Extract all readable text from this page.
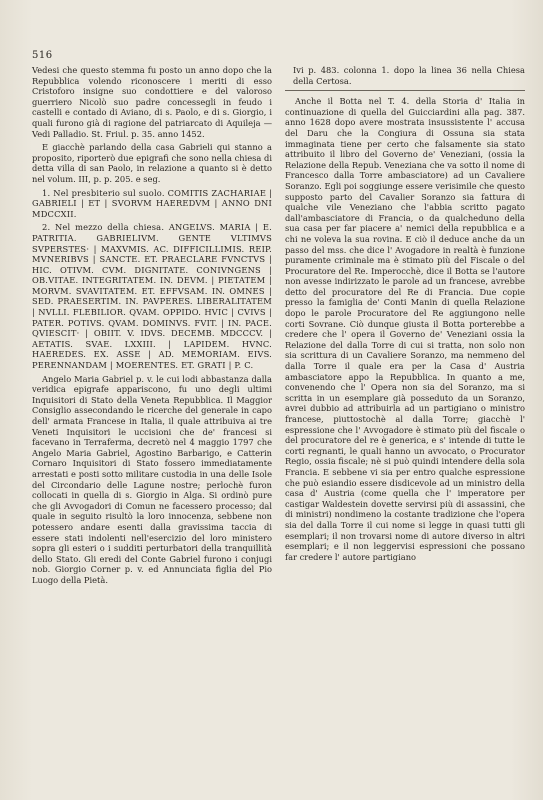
516

Vedesi che questo stemma fu posto un anno dopo che la Repubblica volendo riconoscere i meriti di esso Cristoforo insigne suo condottiere e del valoroso guerriero Nicolò suo padre concessegli in feudo i castelli e contado di Aviano, di s. Paolo, e di s. Giorgio, i quali furono già di ragione del patriarcato di Aquileja — Vedi Palladio. St. Friul. p. 35. anno 1452.

E giacchè parlando della casa Gabrieli qui stanno a proposito, riporterò due epigrafi che sono nella chiesa di detta villa di san Paolo, in relazione a quanto si è detto nel volum. III, p. p. 205. e seg.

1. Nel presbiterio sul suolo. COMITIS ZACHARIAE | GABRIELI | ET | SVORVM HAEREDVM | ANNO DNI MDCCXII.

2. Nel mezzo della chiesa. ANGELVS. MARIA | E. PATRITIA. GABRIELIVM. GENTE VLTIMVS SVPERSTES· | MAXVMIS. AC. DIFFICILLIMIS. REIP. MVNERIBVS | SANCTE. ET. PRAECLARE FVNCTVS | HIC. OTIVM. CVM. DIGNITATE. CONIVNGENS | OB.VITAE. INTEGRITATEM. IN. DEVM. | PIETATEM | MORVM. SVAVITATEM. ET. EFFVSAM. IN. OMNES | SED. PRAESERTIM. IN. PAVPERES. LIBERALITATEM | NVLLI. FLEBILIOR. QVAM. OPPIDO. HVIC | CVIVS | PATER. POTIVS. QVAM. DOMINVS. FVIT. | IN. PACE. QVIESCIT· | OBIIT. V. IDVS. DECEMB. MDCCCV. | AETATIS. SVAE. LXXIII. | LAPIDEM. HVNC. HAEREDES. EX. ASSE | AD. MEMORIAM. EIVS. PERENNANDAM | MOERENTES. ET. GRATI | P. C.

Angelo Maria Gabriel p. v. le cui lodi abbastanza dalla veridica epigrafe appariscono, fu uno degli ultimi Inquisitori di Stato della Veneta Repubblica. Il Maggior Consiglio assecondando le ricerche del generale in capo dell' armata Francese in Italia, il quale attribuiva ai tre Veneti Inquisitori le uccisioni che de' francesi si facevano in Terraferma, decretò nel 4 maggio 1797 che Angelo Maria Gabriel, Agostino Barbarigo, e Catterin Cornaro Inquisitori di Stato fossero immediatamente arrestati e posti sotto militare custodia in una delle Isole del Circondario delle Lagune nostre; perlochè furon collocati in quella di s. Giorgio in Alga. Si ordinò pure che gli Avvogadori di Comun ne facessero processo; dal quale in seguito risultò la loro innocenza, sebbene non potessero andare esenti dalla gravissima taccia di essere stati indolenti nell'esercizio del loro ministero sopra gli esteri o i sudditi perturbatori della tranquillità dello Stato. Gli eredi del Conte Gabriel furono i conjugi nob. Giorgio Corner p. v. ed Annunciata figlia del Pio Luogo della Pietà.

Ivi p. 483. colonna 1. dopo la linea 36 nella Chiesa della Certosa.

Anche il Botta nel T. 4. della Storia d' Italia in continuazione di quella del Guicciardini alla pag. 387. anno 1628 dopo avere mostrata insussistente l' accusa del Daru che la Congiura di Ossuna sia stata immaginata tiene per certo che falsamente sia stato attribuito il libro del Governo de' Veneziani, (ossia la Relazione della Repub. Veneziana che va sotto il nome di Francesco dalla Torre ambasciatore) ad un Cavaliere Soranzo. Egli poi soggiunge essere verisimile che questo supposto parto del Cavalier Soranzo sia fattura di qualche vile Veneziano che l'abbia scritto pagato dall'ambasciatore di Francia, o da qualcheduno della sua casa per far piacere a' nemici della repubblica e a chi ne voleva la sua rovina. E ciò il deduce anche da un passo del mss. che dice l' Avogadore in realtà è funzione puramente criminale ma è stimato più del Fiscale o del Procuratore del Re. Imperocchè, dice il Botta se l'autore non avesse indirizzato le parole ad un francese, avrebbe detto del procuratore del Re di Francia. Due copie presso la famiglia de' Conti Manin di quella Relazione dopo le parole Procuratore del Re aggiungono nelle corti Sovrane. Ciò dunque giusta il Botta porterebbe a credere che l' opera il Governo de' Veneziani ossia la Relazione del dalla Torre di cui si tratta, non solo non sia scrittura di un Cavaliere Soranzo, ma nemmeno del dalla Torre il quale era per la Casa d' Austria ambasciatore appo la Repubblica. In quanto a me, convenendo che l' Opera non sia del Soranzo, ma si scritta in un esemplare già posseduto da un Soranzo, avrei dubbio ad attribuirla ad un partigiano o ministro francese, piuttostochè al dalla Torre; giacchè l' espressione che l' Avvogadore è stimato più del fiscale o del procuratore del re è generica, e s' intende di tutte le corti regnanti, le quali hanno un avvocato, o Procurator Regio, ossia fiscale; nè si può quindi intendere della sola Francia. E sebbene vi sia per entro qualche espressione che può esiandio essere disdicevole ad un ministro della casa d' Austria (come quella che l' imperatore per castigar Waldestein dovette servirsi più di assassini, che di ministri) nondimeno la costante tradizione che l'opera sia del dalla Torre il cui nome si legge in quasi tutti gli esemplari; il non trovarsi nome di autore diverso in altri esemplari; e il non leggervisi espressioni che possano far credere l' autore partigiano
